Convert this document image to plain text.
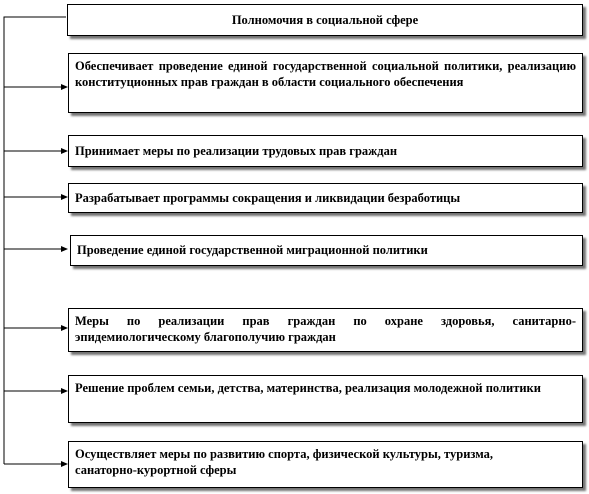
Полномочия в социальной сфере
Обеспечивает проведение единой государственной социальной политики, реализацию конституционных прав граждан в области социального обеспечения
Принимает меры по реализации трудовых прав граждан
Разрабатывает программы сокращения и ликвидации безработицы
Проведение единой государственной миграционной политики
Меры по реализации прав граждан по охране здоровья, санитарно-эпидемиологическому благополучию граждан
Решение проблем семьи, детства, материнства, реализация молодежной политики
Осуществляет меры по развитию спорта, физической культуры, туризма, санаторно-курортной сферы
